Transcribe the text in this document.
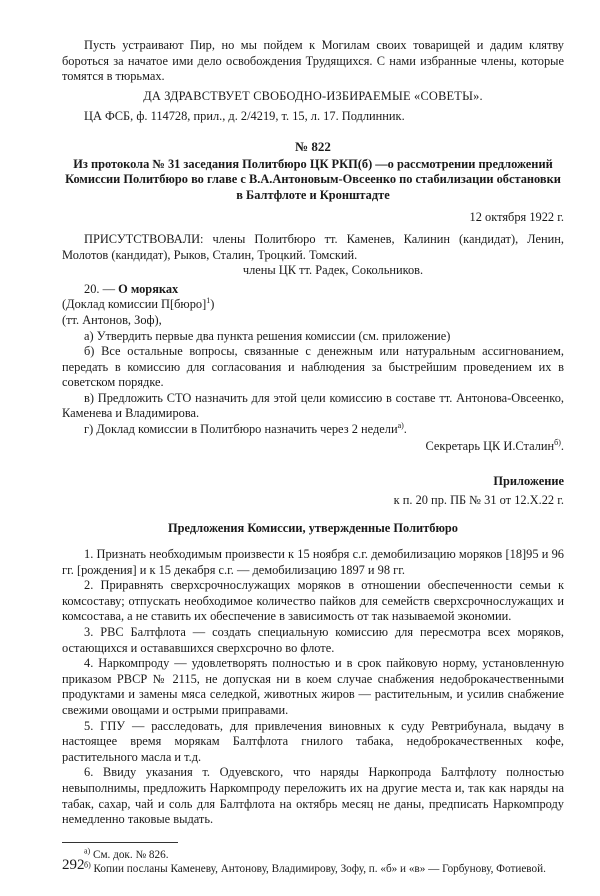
Пусть устраивают Пир, но мы пойдем к Могилам своих товарищей и дадим клятву бороться за начатое ими дело освобождения Трудящихся. С нами избранные члены, которые томятся в тюрьмах.

ДА ЗДРАВСТВУЕТ СВОБОДНО-ИЗБИРАЕМЫЕ «СОВЕТЫ».

ЦА ФСБ, ф. 114728, прил., д. 2/4219, т. 15, л. 17. Подлинник.

№ 822

Из протокола № 31 заседания Политбюро ЦК РКП(б) —о рассмотрении предложений Комиссии Политбюро во главе с В.А.Антоновым-Овсеенко по стабилизации обстановки в Балтфлоте и Кронштадте

12 октября 1922 г.

ПРИСУТСТВОВАЛИ: члены Политбюро тт. Каменев, Калинин (кандидат), Ленин, Молотов (кандидат), Рыков, Сталин, Троцкий. Томский.

члены ЦК тт. Радек, Сокольников.

20. — О моряках

(Доклад комиссии П[бюро]$^1$)

(тт. Антонов, Зоф),

а) Утвердить первые два пункта решения комиссии (см. приложение)

б) Все остальные вопросы, связанные с денежным или натуральным ассигнованием, передать в комиссию для согласования и наблюдения за быстрейшим проведением их в советском порядке.

в) Предложить СТО назначить для этой цели комиссию в составе тт. Антонова-Овсеенко, Каменева и Владимирова.

г) Доклад комиссии в Политбюро назначить через 2 недели$^{а)}$.

Секретарь ЦК И.Сталин$^{б)}$.

Приложение

к п. 20 пр. ПБ № 31 от 12.Х.22 г.

Предложения Комиссии, утвержденные Политбюро

1. Признать необходимым произвести к 15 ноября с.г. демобилизацию моряков [18]95 и 96 гг. [рождения] и к 15 декабря с.г. — демобилизацию 1897 и 98 гг.

2. Приравнять сверхсрочнослужащих моряков в отношении обеспеченности семьи к комсоставу; отпускать необходимое количество пайков для семейств сверхсрочнослужащих и комсостава, а не ставить их обеспечение в зависимость от так называемой экономии.

3. РВС Балтфлота — создать специальную комиссию для пересмотра всех моряков, остающихся и остававшихся сверхсрочно во флоте.

4. Наркомпроду — удовлетворять полностью и в срок пайковую норму, установленную приказом РВСР № 2115, не допуская ни в коем случае снабжения недоброкачественными продуктами и замены мяса селедкой, животных жиров — растительным, и усилив снабжение свежими овощами и острыми приправами.

5. ГПУ — расследовать, для привлечения виновных к суду Ревтрибунала, выдачу в настоящее время морякам Балтфлота гнилого табака, недоброкачественных кофе, растительного масла и т.д.

6. Ввиду указания т. Одуевского, что наряды Наркопрода Балтфлоту полностью невыполнимы, предложить Наркомпроду переложить их на другие места и, так как наряды на табак, сахар, чай и соль для Балтфлота на октябрь месяц не даны, предписать Наркомпроду немедленно таковые выдать.

$^{а)}$ См. док. № 826.

$^{б)}$ Копии посланы Каменеву, Антонову, Владимирову, Зофу, п. «б» и «в» — Горбунову, Фотиевой.

292
